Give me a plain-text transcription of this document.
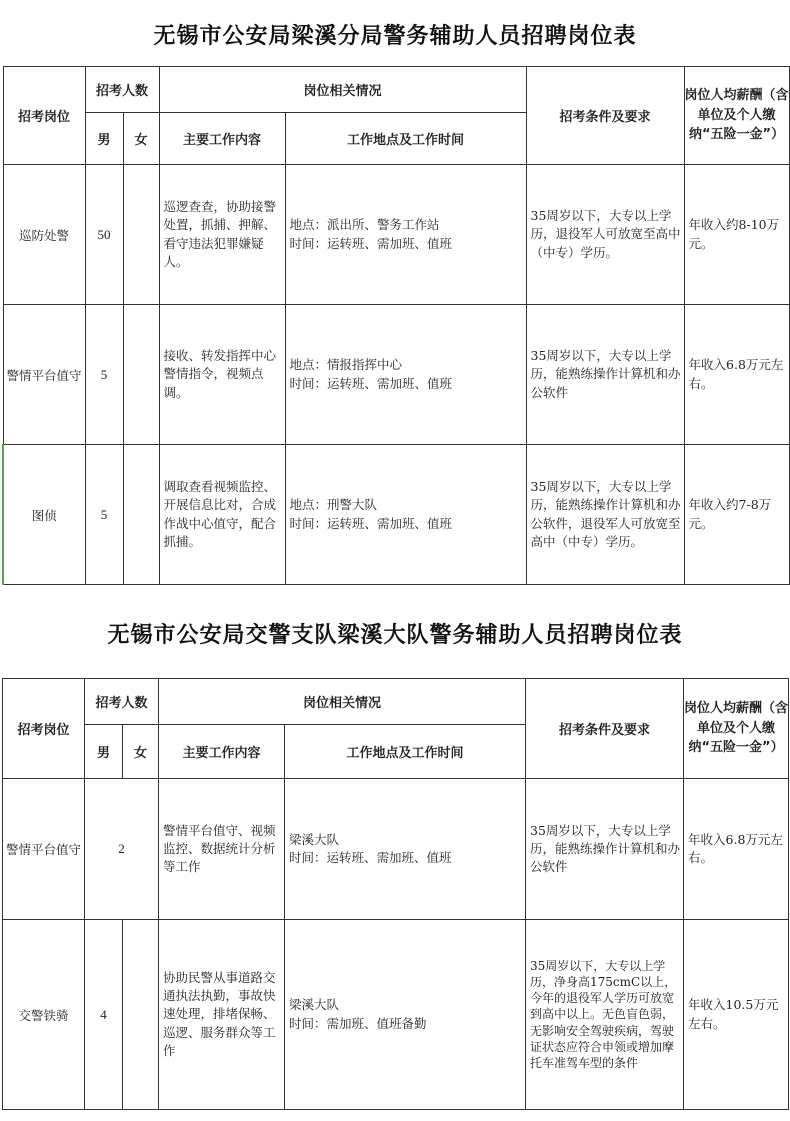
无锡市公安局梁溪分局警务辅助人员招聘岗位表
招考岗位	招考人数		岗位相关情况		招考条件及要求	岗位人均薪酬（含单位及个人缴纳“五险一金”）
	男	女	主要工作内容	工作地点及工作时间		
巡防处警	50		巡逻查查，协助接警处置，抓捕、押解、看守违法犯罪嫌疑人。	地点：派出所、警务工作站
时间：运转班、需加班、值班	35周岁以下，大专以上学历，退役军人可放宽至高中（中专）学历。	年收入约8-10万元。
警情平台值守	5		接收、转发指挥中心警情指令，视频点调。	地点：情报指挥中心
时间：运转班、需加班、值班	35周岁以下，大专以上学历，能熟练操作计算机和办公软件	年收入6.8万元左右。
图侦	5		调取查看视频监控、开展信息比对，合成作战中心值守，配合抓捕。	地点：刑警大队
时间：运转班、需加班、值班	35周岁以下，大专以上学历，能熟练操作计算机和办公软件，退役军人可放宽至高中（中专）学历。	年收入约7-8万元。
无锡市公安局交警支队梁溪大队警务辅助人员招聘岗位表
招考岗位	招考人数		岗位相关情况		招考条件及要求	岗位人均薪酬（含单位及个人缴纳“五险一金”）
	男	女	主要工作内容	工作地点及工作时间		
警情平台值守	2		警情平台值守、视频监控、数据统计分析等工作	梁溪大队
时间：运转班、需加班、值班	35周岁以下，大专以上学历，能熟练操作计算机和办公软件	年收入6.8万元左右。
交警铁骑	4		协助民警从事道路交通执法执勤，事故快速处理，排堵保畅、巡逻、服务群众等工作	梁溪大队
时间：需加班、值班备勤	35周岁以下，大专以上学历，净身高175cmC以上，今年的退役军人学历可放宽到高中以上。无色盲色弱，无影响安全驾驶疾病，驾驶证状态应符合申领或增加摩托车准驾车型的条件	年收入10.5万元左右。
